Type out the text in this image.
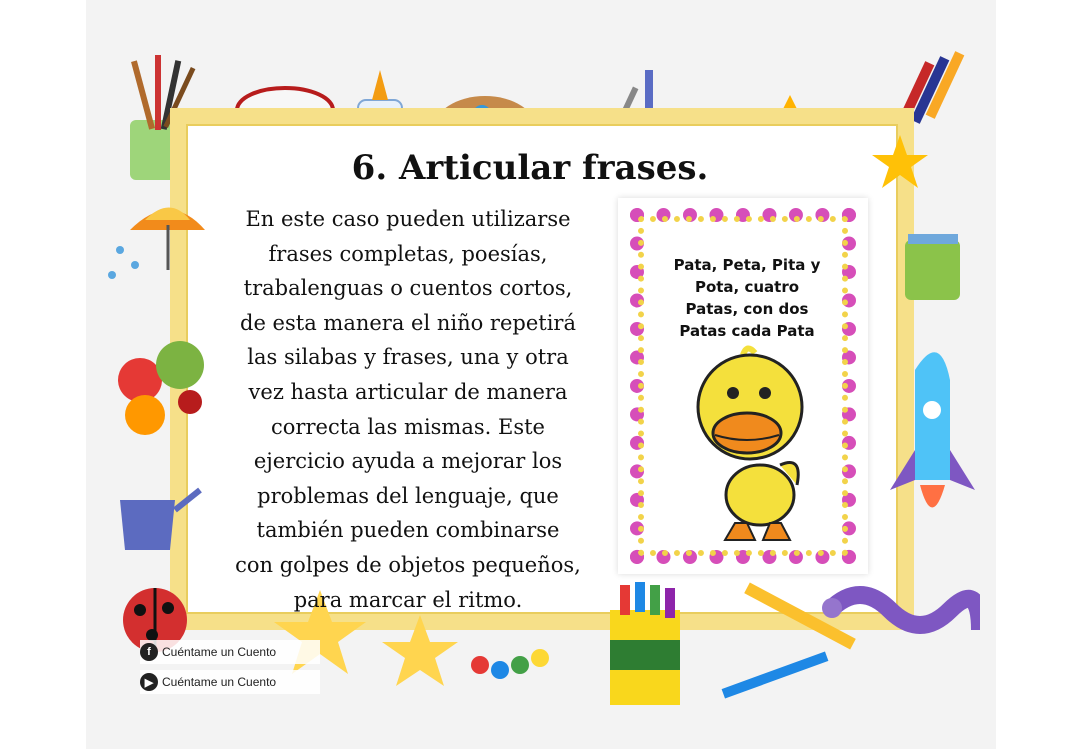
6. Articular frases.
En este caso pueden utilizarse
frases completas, poesías,
trabalenguas o cuentos cortos,
de esta manera el niño repetirá
las silabas y frases, una y otra
vez hasta articular de manera
correcta las mismas. Este
ejercicio ayuda a mejorar los
problemas del lenguaje, que
también pueden combinarse
con golpes de objetos pequeños,
para marcar el ritmo.
Pata, Peta, Pita y
Pota, cuatro
Patas, con dos
Patas cada Pata
f Cuéntame un Cuento
▶ Cuéntame un Cuento
